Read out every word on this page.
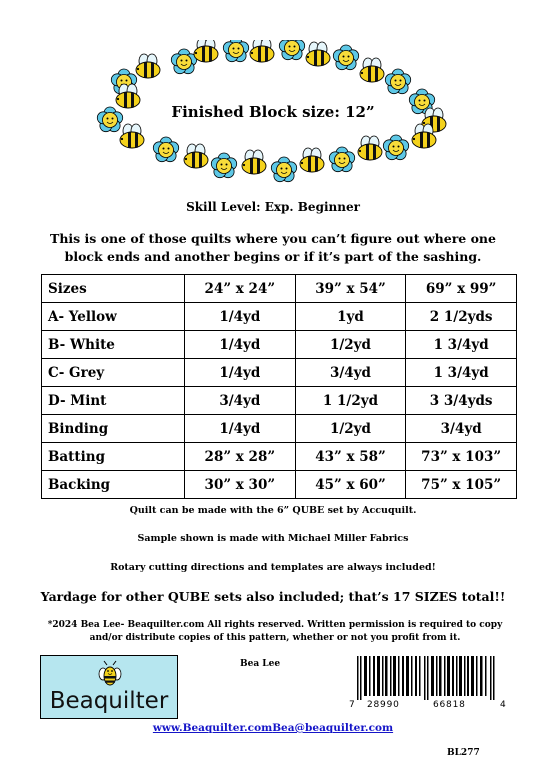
Finished Block size: 12”
Skill Level: Exp. Beginner
This is one of those quilts where you can’t figure out where one block ends and another begins or if it’s part of the sashing.
Sizes	24” x 24”	39” x 54”	69” x 99”
A- Yellow	1/4yd	1yd	2 1/2yds
B- White	1/4yd	1/2yd	1 3/4yd
C- Grey	1/4yd	3/4yd	1 3/4yd
D- Mint	3/4yd	1 1/2yd	3 3/4yds
Binding	1/4yd	1/2yd	3/4yd
Batting	28” x 28”	43” x 58”	73” x 103”
Backing	30” x 30”	45” x 60”	75” x 105”
Quilt can be made with the 6” QUBE set by Accuquilt.
Sample shown is made with Michael Miller Fabrics
Rotary cutting directions and templates are always included!
Yardage for other QUBE sets also included; that’s 17 SIZES total!!
*2024 Bea Lee- Beaquilter.com All rights reserved. Written permission is required to copy and/or distribute copies of this pattern, whether or not you profit from it.
Beaquilter
Bea Lee
7 28990	66818	4
www.Beaquilter.comBea@beaquilter.com
BL277
